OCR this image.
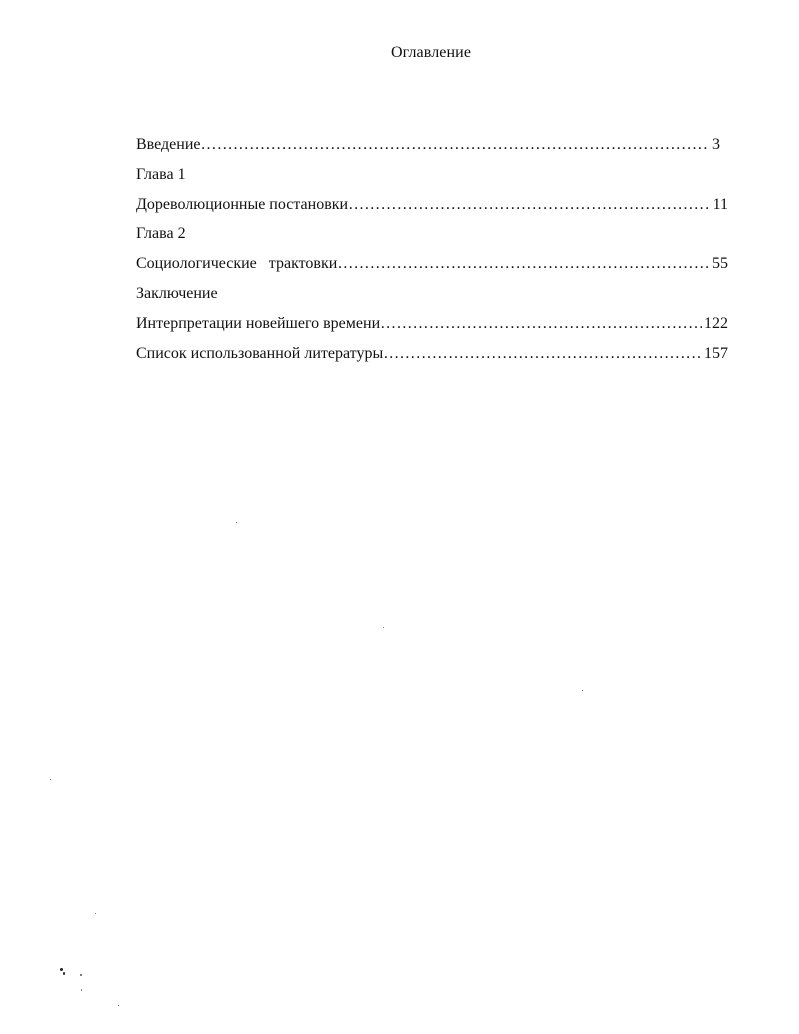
Оглавление
Введение ……………………………………………………………………………………………………………………………………………………………………	3
Глава 1
Дореволюционные постановки ……………………………………………………………………………………………………………………………………………………………………	11
Глава 2
Социологические   трактовки ……………………………………………………………………………………………………………………………………………………………………	55
Заключение
Интерпретации новейшего времени ……………………………………………………………………………………………………………………………………………………………………	122
Список использованной литературы ……………………………………………………………………………………………………………………………………………………………………	157
